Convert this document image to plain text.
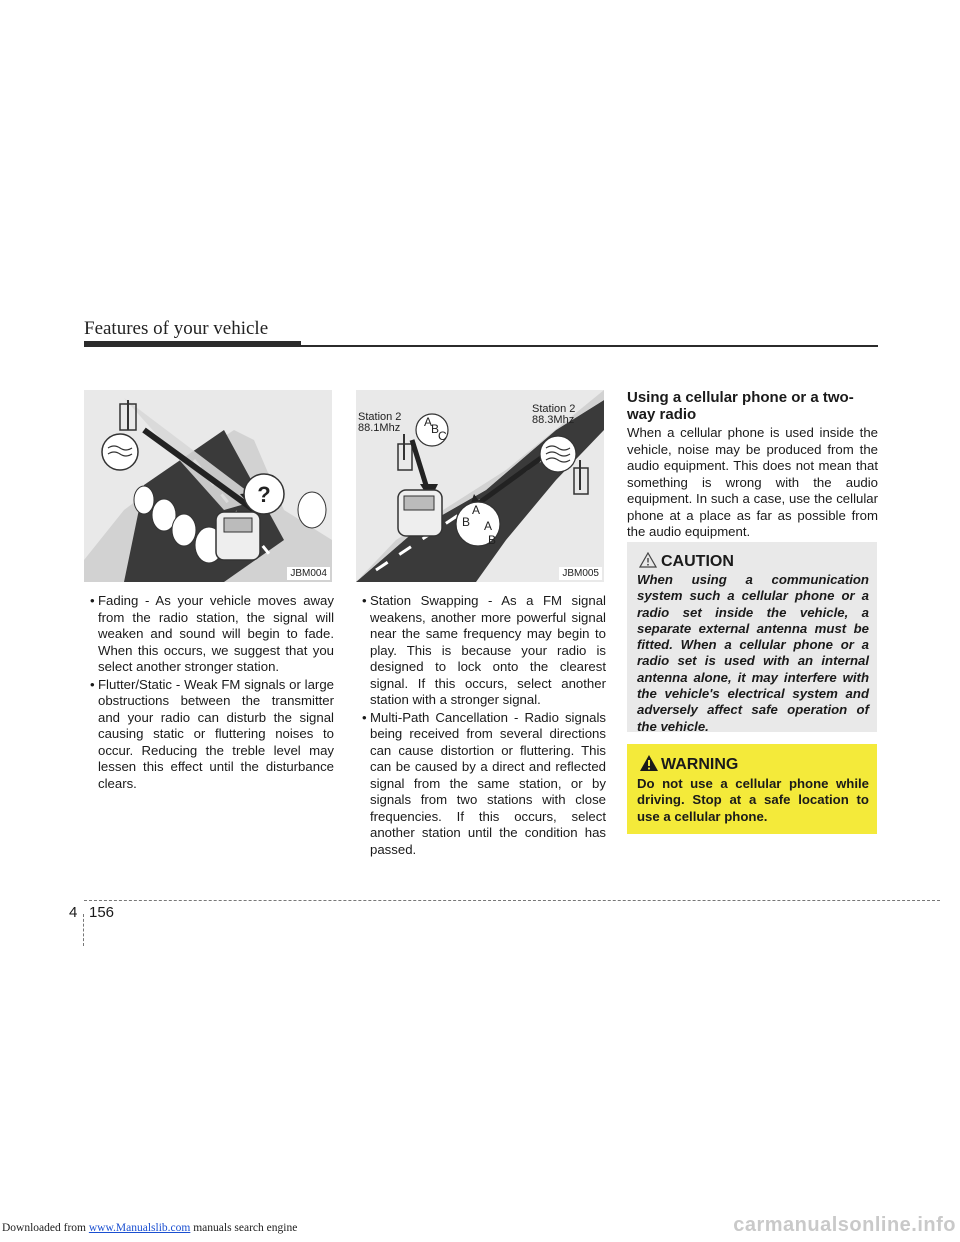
Features of your vehicle
?
JBM004
A
B
C
A
B A
B
Station 2
88.1Mhz
Station 2
88.3Mhz
JBM005
• Fading - As your vehicle moves away from the radio station, the signal will weaken and sound will begin to fade. When this occurs, we suggest that you select another stronger station.
• Flutter/Static - Weak FM signals or large obstructions between the transmitter and your radio can disturb the signal causing static or fluttering noises to occur. Reducing the treble level may lessen this effect until the disturbance clears.
• Station Swapping - As a FM signal weakens, another more powerful signal near the same frequency may begin to play. This is because your radio is designed to lock onto the clearest signal. If this occurs, select another station with a stronger signal.
• Multi-Path Cancellation - Radio signals being received from several directions can cause distortion or fluttering. This can be caused by a direct and reflected signal from the same station, or by signals from two stations with close frequencies. If this occurs, select another station until the condition has passed.
Using a cellular phone or a two-way radio

When a cellular phone is used inside the vehicle, noise may be produced from the audio equipment. This does not mean that something is wrong with the audio equipment. In such a case, use the cellular phone at a place as far as possible from the audio equipment.

CAUTION

When using a communication system such a cellular phone or a radio set inside the vehicle, a separate external antenna must be fitted. When a cellular phone or a radio set is used with an internal antenna alone, it may interfere with the vehicle's electrical system and adversely affect safe operation of the vehicle.

WARNING

Do not use a cellular phone while driving. Stop at a safe location to use a cellular phone.

4 156
Downloaded from www.Manualslib.com manuals search engine	carmanualsonline.info
